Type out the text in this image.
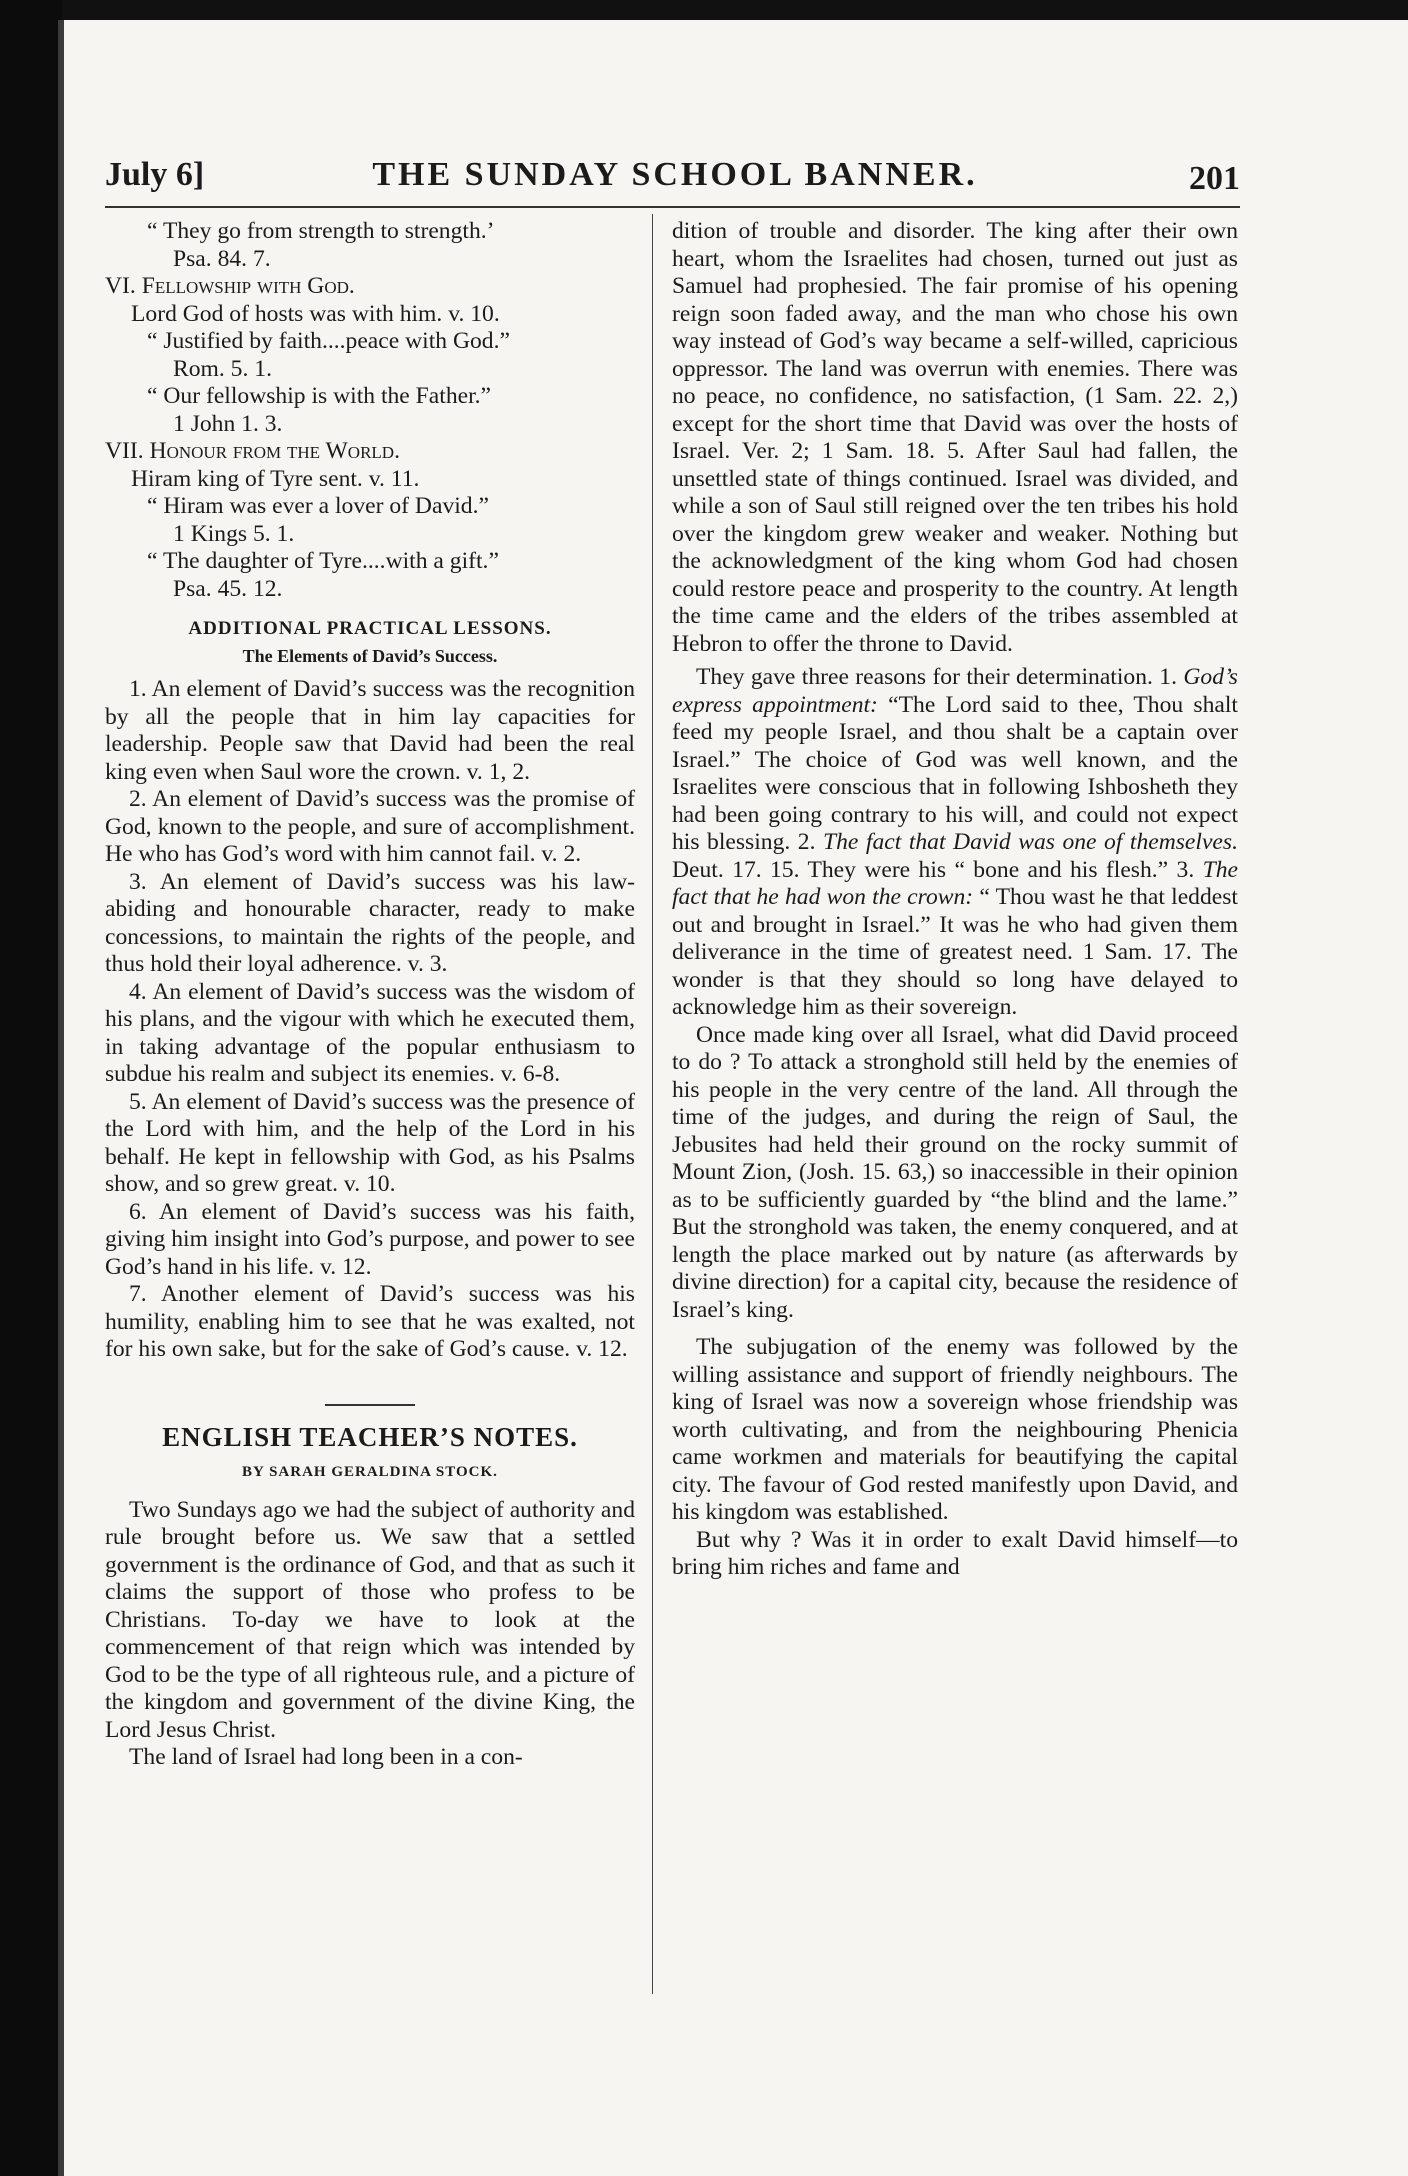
July 6]	THE SUNDAY SCHOOL BANNER.	201

“ They go from strength to strength.’

Psa. 84. 7.

VI. Fellowship with God.

Lord God of hosts was with him. v. 10.

“ Justified by faith....peace with God.”

Rom. 5. 1.

“ Our fellowship is with the Father.”

1 John 1. 3.

VII. Honour from the World.

Hiram king of Tyre sent. v. 11.

“ Hiram was ever a lover of David.”

1 Kings 5. 1.

“ The daughter of Tyre....with a gift.”

Psa. 45. 12.

ADDITIONAL PRACTICAL LESSONS.

The Elements of David’s Success.

1. An element of David’s success was the recognition by all the people that in him lay capacities for leadership. People saw that David had been the real king even when Saul wore the crown. v. 1, 2.

2. An element of David’s success was the promise of God, known to the people, and sure of accomplishment. He who has God’s word with him cannot fail. v. 2.

3. An element of David’s success was his law-abiding and honourable character, ready to make concessions, to maintain the rights of the people, and thus hold their loyal adherence. v. 3.

4. An element of David’s success was the wisdom of his plans, and the vigour with which he executed them, in taking advantage of the popular enthusiasm to subdue his realm and subject its enemies. v. 6-8.

5. An element of David’s success was the presence of the Lord with him, and the help of the Lord in his behalf. He kept in fellowship with God, as his Psalms show, and so grew great. v. 10.

6. An element of David’s success was his faith, giving him insight into God’s purpose, and power to see God’s hand in his life. v. 12.

7. Another element of David’s success was his humility, enabling him to see that he was exalted, not for his own sake, but for the sake of God’s cause. v. 12.

ENGLISH TEACHER’S NOTES.

BY SARAH GERALDINA STOCK.

Two Sundays ago we had the subject of authority and rule brought before us. We saw that a settled government is the ordinance of God, and that as such it claims the support of those who profess to be Christians. To-day we have to look at the commencement of that reign which was intended by God to be the type of all righteous rule, and a picture of the kingdom and government of the divine King, the Lord Jesus Christ.

The land of Israel had long been in a con-

dition of trouble and disorder. The king after their own heart, whom the Israelites had chosen, turned out just as Samuel had prophesied. The fair promise of his opening reign soon faded away, and the man who chose his own way instead of God’s way became a self-willed, capricious oppressor. The land was overrun with enemies. There was no peace, no confidence, no satisfaction, (1 Sam. 22. 2,) except for the short time that David was over the hosts of Israel. Ver. 2; 1 Sam. 18. 5. After Saul had fallen, the unsettled state of things continued. Israel was divided, and while a son of Saul still reigned over the ten tribes his hold over the kingdom grew weaker and weaker. Nothing but the acknowledgment of the king whom God had chosen could restore peace and prosperity to the country. At length the time came and the elders of the tribes assembled at Hebron to offer the throne to David.

They gave three reasons for their determination. 1. God’s express appointment: “The Lord said to thee, Thou shalt feed my people Israel, and thou shalt be a captain over Israel.” The choice of God was well known, and the Israelites were conscious that in following Ishbosheth they had been going contrary to his will, and could not expect his blessing. 2. The fact that David was one of themselves. Deut. 17. 15. They were his “ bone and his flesh.” 3. The fact that he had won the crown: “ Thou wast he that leddest out and brought in Israel.” It was he who had given them deliverance in the time of greatest need. 1 Sam. 17. The wonder is that they should so long have delayed to acknowledge him as their sovereign.

Once made king over all Israel, what did David proceed to do ? To attack a stronghold still held by the enemies of his people in the very centre of the land. All through the time of the judges, and during the reign of Saul, the Jebusites had held their ground on the rocky summit of Mount Zion, (Josh. 15. 63,) so inaccessible in their opinion as to be sufficiently guarded by “the blind and the lame.” But the stronghold was taken, the enemy conquered, and at length the place marked out by nature (as afterwards by divine direction) for a capital city, because the residence of Israel’s king.

The subjugation of the enemy was followed by the willing assistance and support of friendly neighbours. The king of Israel was now a sovereign whose friendship was worth cultivating, and from the neighbouring Phenicia came workmen and materials for beautifying the capital city. The favour of God rested manifestly upon David, and his kingdom was established.

But why ? Was it in order to exalt David himself—to bring him riches and fame and
